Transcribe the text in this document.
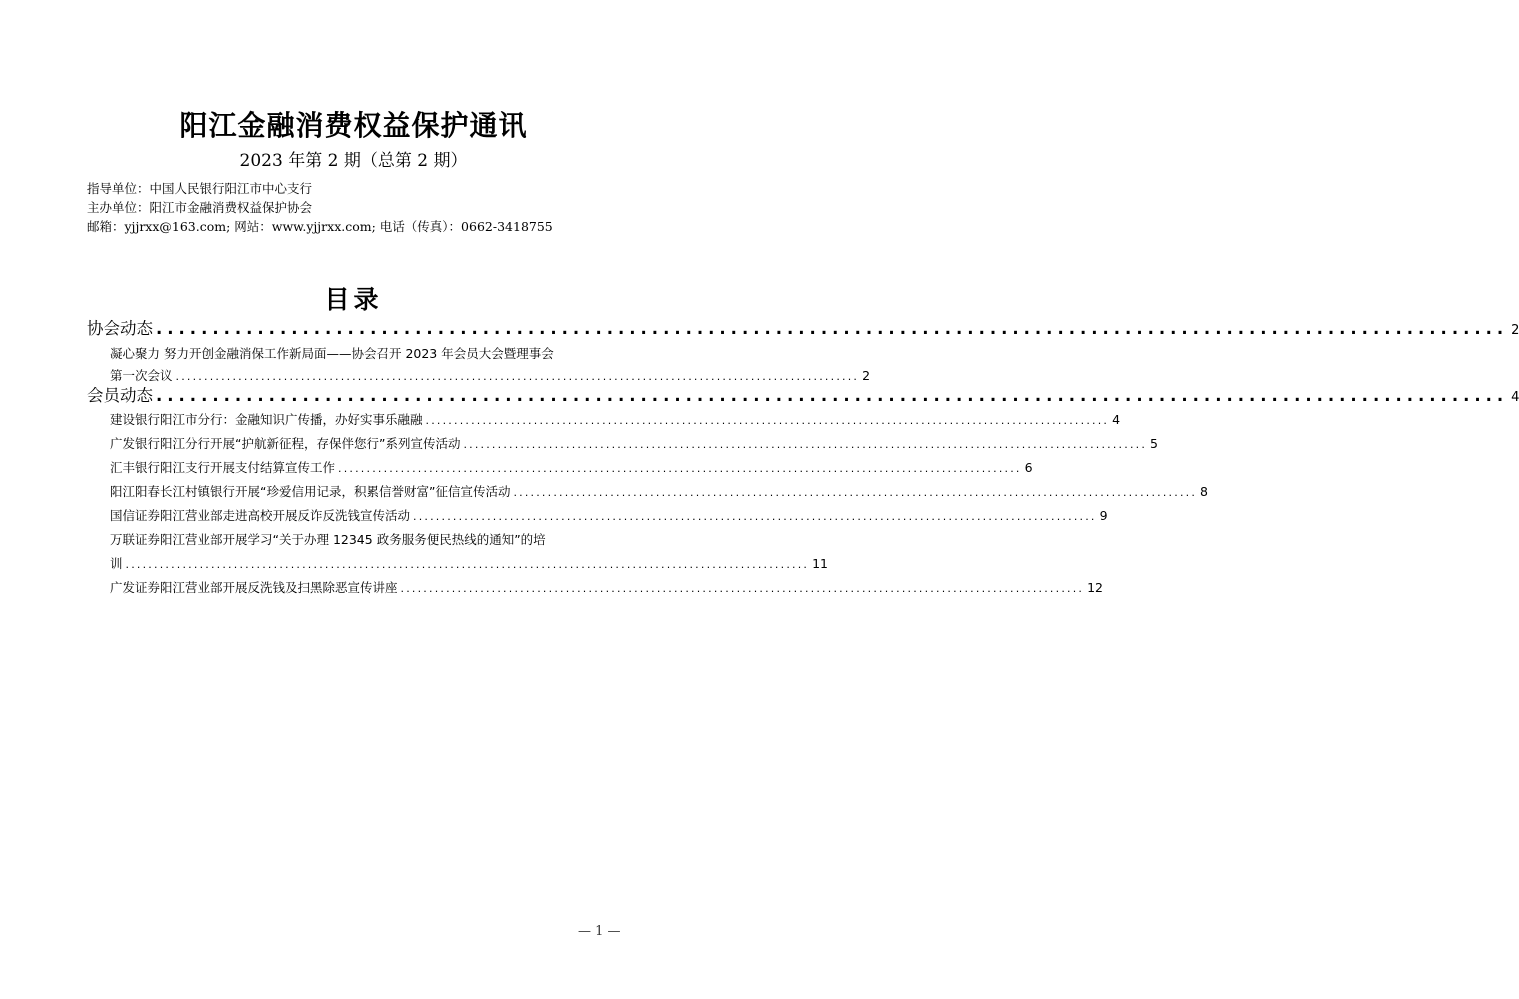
阳江金融消费权益保护通讯
2023 年第 2 期（总第 2 期）
指导单位：中国人民银行阳江市中心支行
主办单位：阳江市金融消费权益保护协会
邮箱：yjjrxx@163.com; 网站：www.yjjrxx.com; 电话（传真）：0662-3418755
目录
协会动态 ........................................................................................................................ 2
凝心聚力 努力开创金融消保工作新局面——协会召开 2023 年会员大会暨理事会
第一次会议 ........................................................................................................................ 2
会员动态 ........................................................................................................................ 4
建设银行阳江市分行：金融知识广传播，办好实事乐融融 ........................................................................................................................ 4
广发银行阳江分行开展“护航新征程，存保伴您行”系列宣传活动 ........................................................................................................................ 5
汇丰银行阳江支行开展支付结算宣传工作 ........................................................................................................................ 6
阳江阳春长江村镇银行开展“珍爱信用记录，积累信誉财富”征信宣传活动 ........................................................................................................................ 8
国信证券阳江营业部走进高校开展反诈反洗钱宣传活动 ........................................................................................................................ 9
万联证券阳江营业部开展学习“关于办理 12345 政务服务便民热线的通知”的培
训 ........................................................................................................................ 11
广发证券阳江营业部开展反洗钱及扫黑除恶宣传讲座 ........................................................................................................................ 12
— 1 —
